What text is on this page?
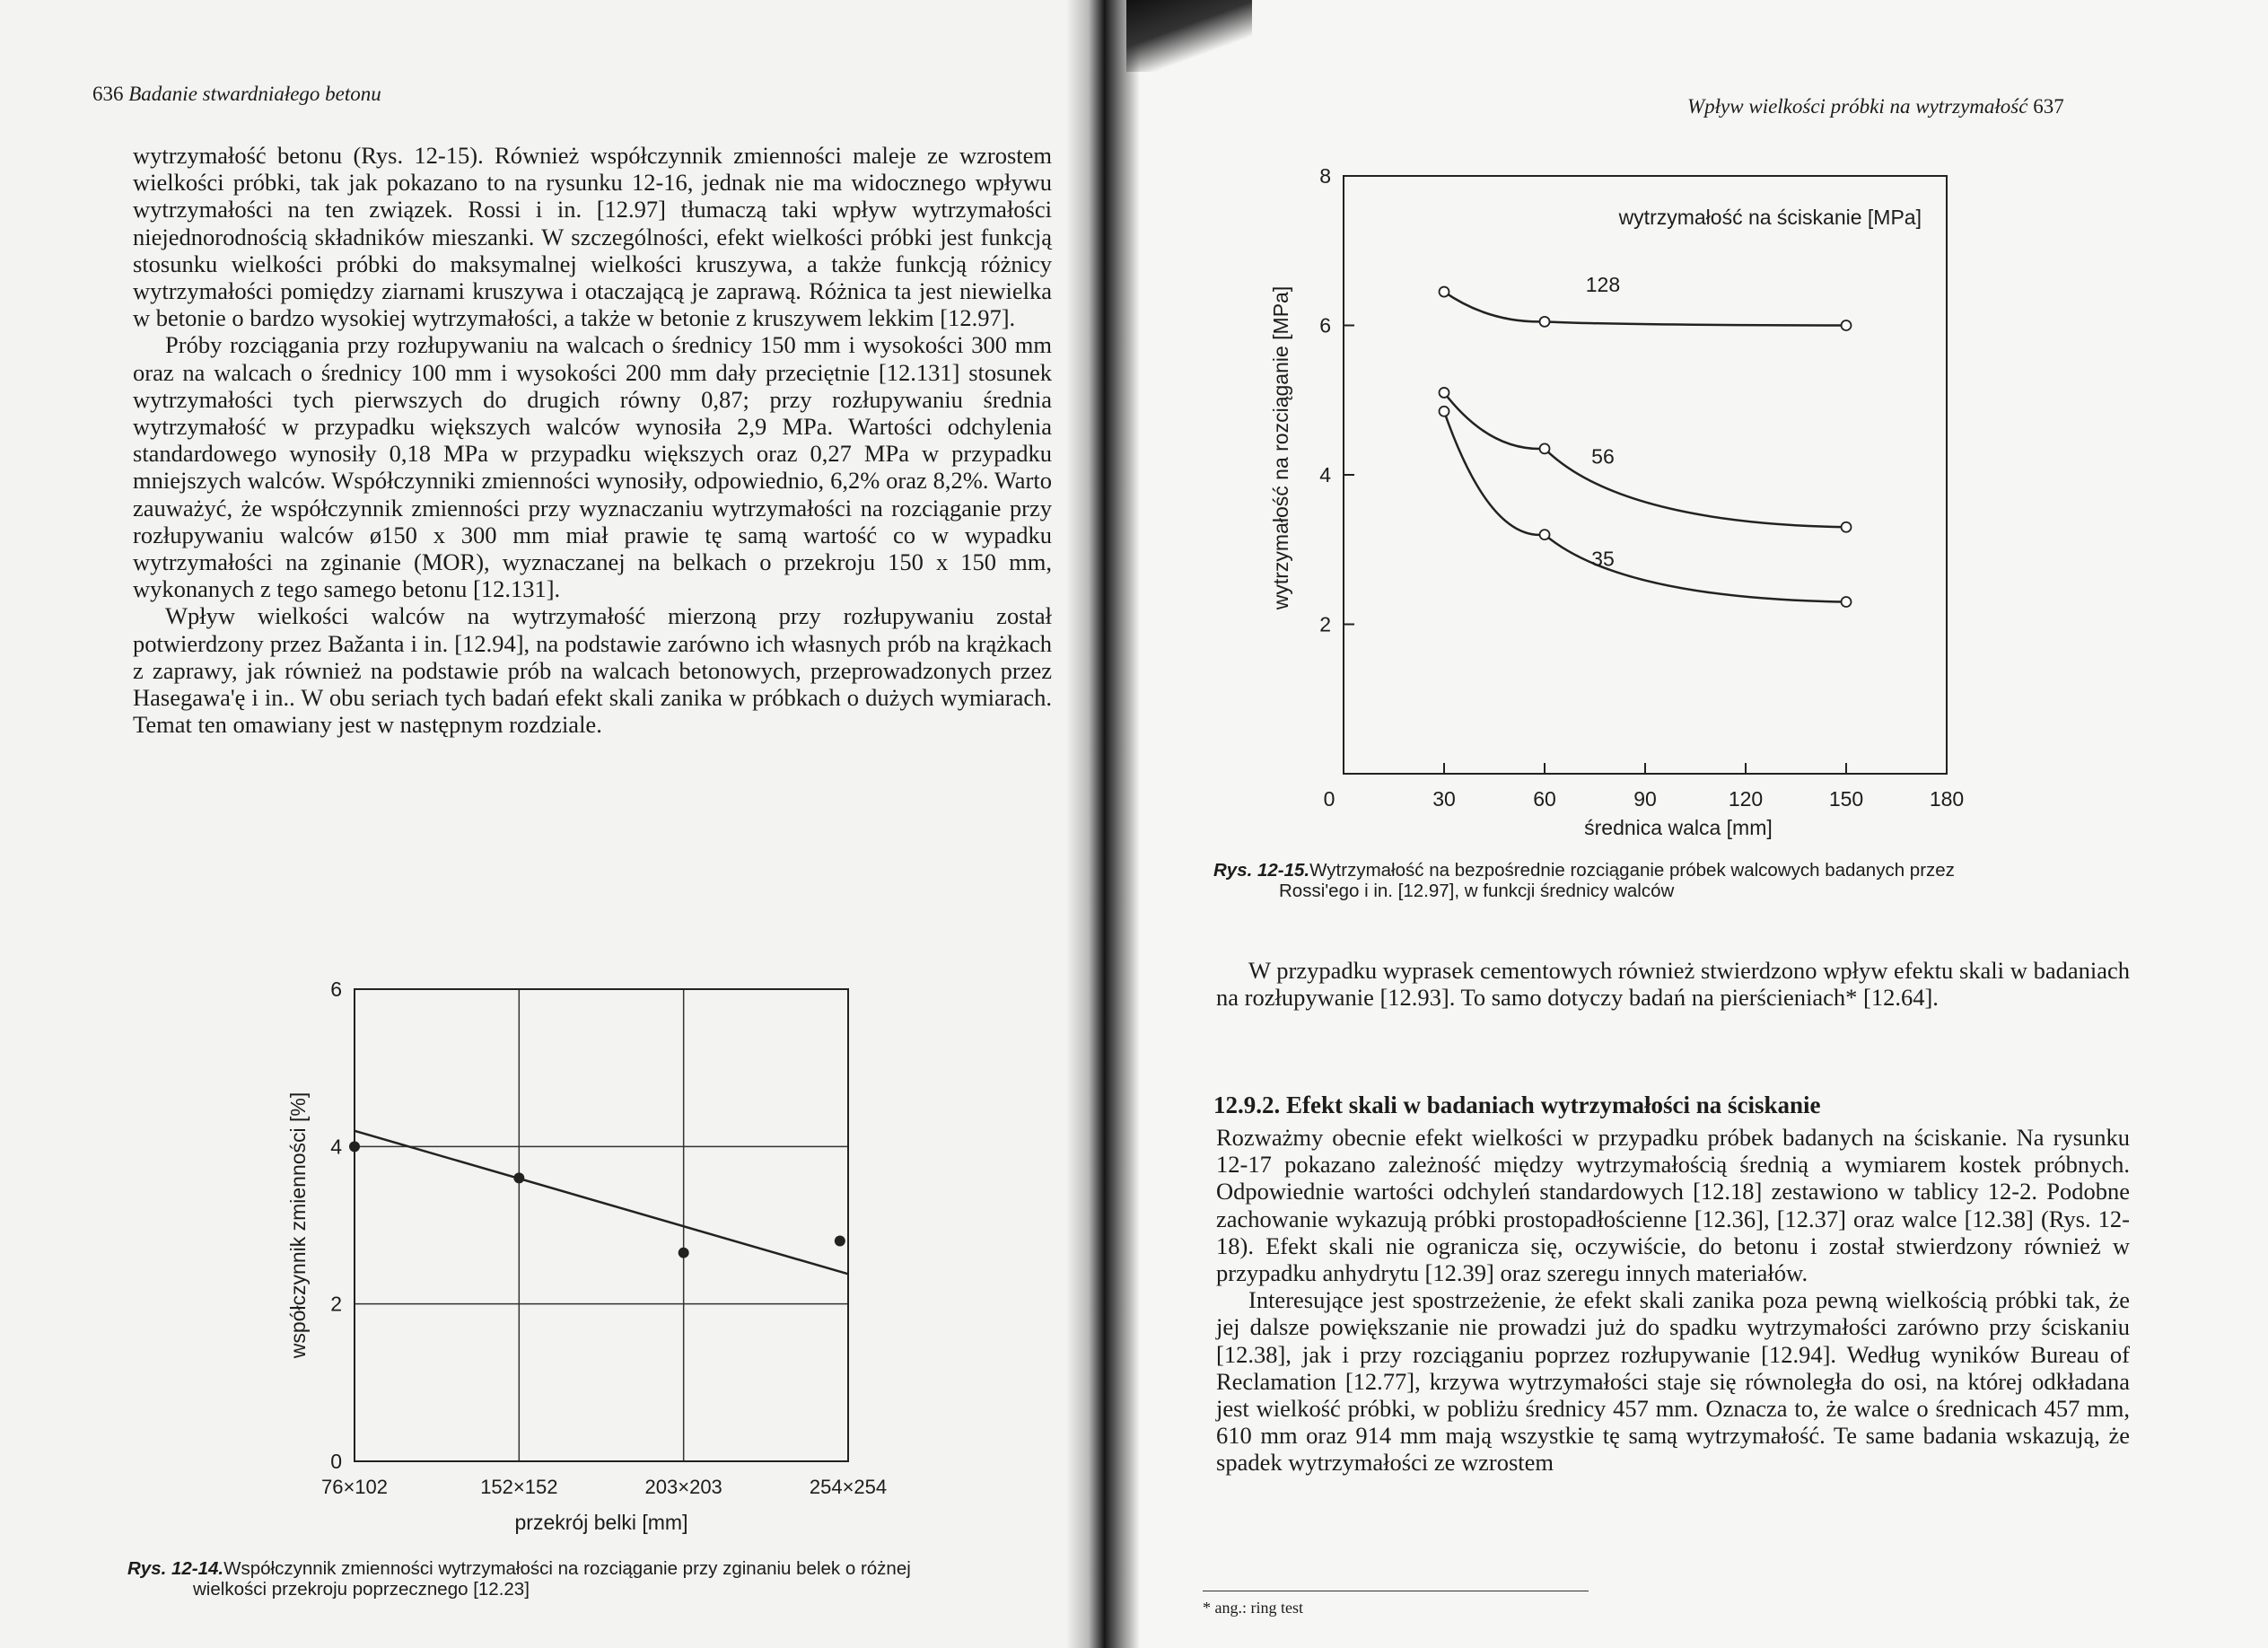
636 Badanie stwardniałego betonu

wytrzymałość betonu (Rys. 12-15). Również współczynnik zmienności maleje ze wzrostem wielkości próbki, tak jak pokazano to na rysunku 12-16, jednak nie ma widocznego wpływu wytrzymałości na ten związek. Rossi i in. [12.97] tłumaczą taki wpływ wytrzymałości niejednorodnością składników mieszanki. W szczególności, efekt wielkości próbki jest funkcją stosunku wielkości próbki do maksymalnej wielkości kruszywa, a także funkcją różnicy wytrzymałości pomiędzy ziarnami kruszywa i otaczającą je zaprawą. Różnica ta jest niewielka w betonie o bardzo wysokiej wytrzymałości, a także w betonie z kruszywem lekkim [12.97].

Próby rozciągania przy rozłupywaniu na walcach o średnicy 150 mm i wysokości 300 mm oraz na walcach o średnicy 100 mm i wysokości 200 mm dały przeciętnie [12.131] stosunek wytrzymałości tych pierwszych do drugich równy 0,87; przy rozłupywaniu średnia wytrzymałość w przypadku większych walców wynosiła 2,9 MPa. Wartości odchylenia standardowego wynosiły 0,18 MPa w przypadku większych oraz 0,27 MPa w przypadku mniejszych walców. Współczynniki zmienności wynosiły, odpowiednio, 6,2% oraz 8,2%. Warto zauważyć, że współczynnik zmienności przy wyznaczaniu wytrzymałości na rozciąganie przy rozłupywaniu walców ø150 x 300 mm miał prawie tę samą wartość co w wypadku wytrzymałości na zginanie (MOR), wyznaczanej na belkach o przekroju 150 x 150 mm, wykonanych z tego samego betonu [12.131].

Wpływ wielkości walców na wytrzymałość mierzoną przy rozłupywaniu został potwierdzony przez Bažanta i in. [12.94], na podstawie zarówno ich własnych prób na krążkach z zaprawy, jak również na podstawie prób na walcach betonowych, przeprowadzonych przez Hasegawa'ę i in.. W obu seriach tych badań efekt skali zanika w próbkach o dużych wymiarach. Temat ten omawiany jest w następnym rozdziale.

0
2
4
6
76×102	152×152	203×203	254×254
przekrój belki [mm]
współczynnik zmienności [%]
Rys. 12-14.Współczynnik zmienności wytrzymałości na rozciąganie przy zginaniu belek o różnej
wielkości przekroju poprzecznego [12.23]
Wpływ wielkości próbki na wytrzymałość 637
2
4
6
8
0	30	60	90	120	150	180
średnica walca [mm]
wytrzymałość na rozciąganie [MPa]
wytrzymałość na ściskanie [MPa]
128
56
35
Rys. 12-15.Wytrzymałość na bezpośrednie rozciąganie próbek walcowych badanych przez
Rossi'ego i in. [12.97], w funkcji średnicy walców

W przypadku wyprasek cementowych również stwierdzono wpływ efektu skali w badaniach na rozłupywanie [12.93]. To samo dotyczy badań na pierścieniach* [12.64].

12.9.2. Efekt skali w badaniach wytrzymałości na ściskanie

Rozważmy obecnie efekt wielkości w przypadku próbek badanych na ściskanie. Na rysunku 12-17 pokazano zależność między wytrzymałością średnią a wymiarem kostek próbnych. Odpowiednie wartości odchyleń standardowych [12.18] zestawiono w tablicy 12-2. Podobne zachowanie wykazują próbki prostopadłościenne [12.36], [12.37] oraz walce [12.38] (Rys. 12-18). Efekt skali nie ogranicza się, oczywiście, do betonu i został stwierdzony również w przypadku anhydrytu [12.39] oraz szeregu innych materiałów.

Interesujące jest spostrzeżenie, że efekt skali zanika poza pewną wielkością próbki tak, że jej dalsze powiększanie nie prowadzi już do spadku wytrzymałości zarówno przy ściskaniu [12.38], jak i przy rozciąganiu poprzez rozłupywanie [12.94]. Według wyników Bureau of Reclamation [12.77], krzywa wytrzymałości staje się równoległa do osi, na której odkładana jest wielkość próbki, w pobliżu średnicy 457 mm. Oznacza to, że walce o średnicach 457 mm, 610 mm oraz 914 mm mają wszystkie tę samą wytrzymałość. Te same badania wskazują, że spadek wytrzymałości ze wzrostem

* ang.: ring test
